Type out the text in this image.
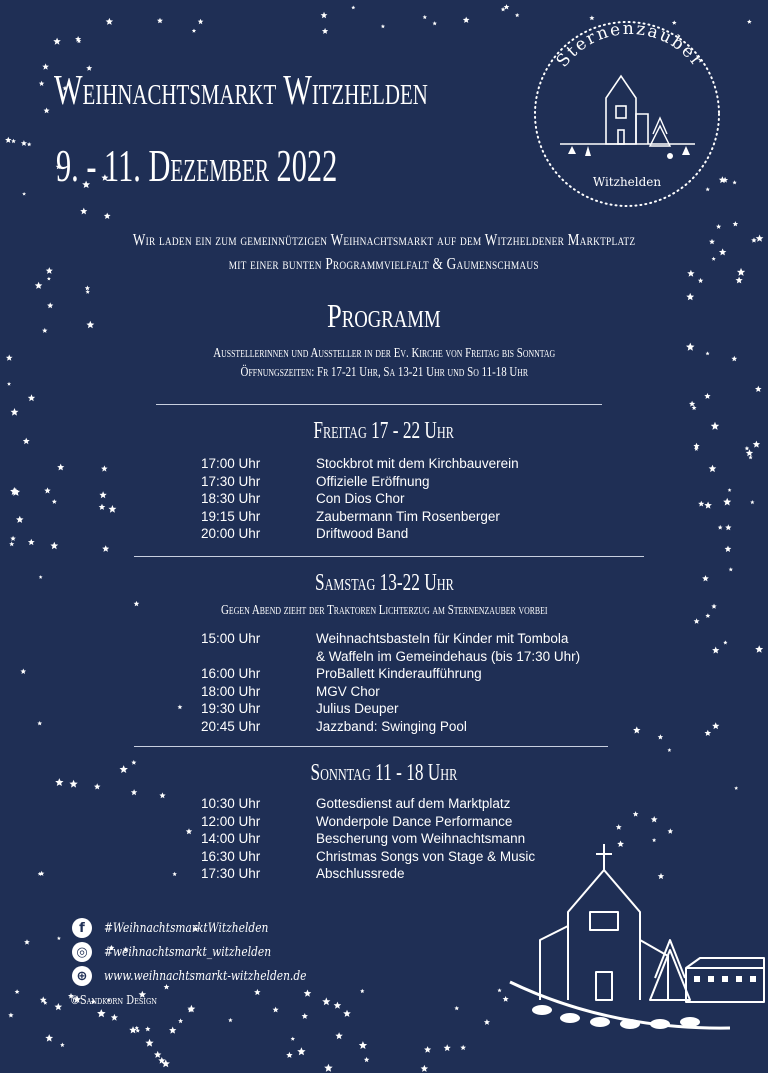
Weihnachtsmarkt Witzhelden
9. - 11. Dezember 2022
Sternenzauber
Witzhelden
Wir laden ein zum gemeinnützigen Weihnachtsmarkt auf dem Witzheldener Marktplatz
mit einer bunten Programmvielfalt & Gaumenschmaus
Programm
Ausstellerinnen und Aussteller in der Ev. Kirche von Freitag bis Sonntag
Öffnungszeiten: Fr 17-21 Uhr, Sa 13-21 Uhr und So 11-18 Uhr
Freitag 17 - 22 Uhr
17:00 Uhr	Stockbrot mit dem Kirchbauverein
17:30 Uhr	Offizielle Eröffnung
18:30 Uhr	Con Dios Chor
19:15 Uhr	Zaubermann Tim Rosenberger
20:00 Uhr	Driftwood Band
Samstag 13-22 Uhr
Gegen Abend zieht der Traktoren Lichterzug am Sternenzauber vorbei
15:00 Uhr	Weihnachtsbasteln für Kinder mit Tombola
& Waffeln im Gemeindehaus (bis 17:30 Uhr)
16:00 Uhr	ProBallett Kinderaufführung
18:00 Uhr	MGV Chor
19:30 Uhr	Julius Deuper
20:45 Uhr	Jazzband: Swinging Pool
Sonntag 11 - 18 Uhr
10:30 Uhr	Gottesdienst auf dem Marktplatz
12:00 Uhr	Wonderpole Dance Performance
14:00 Uhr	Bescherung vom Weihnachtsmann
16:30 Uhr	Christmas Songs von Stage & Music
17:30 Uhr	Abschlussrede
f	#WeihnachtsmarktWitzhelden
◎	#weihnachtsmarkt_witzhelden
⊕	www.weihnachtsmarkt-witzhelden.de
©Sandkorn Design
